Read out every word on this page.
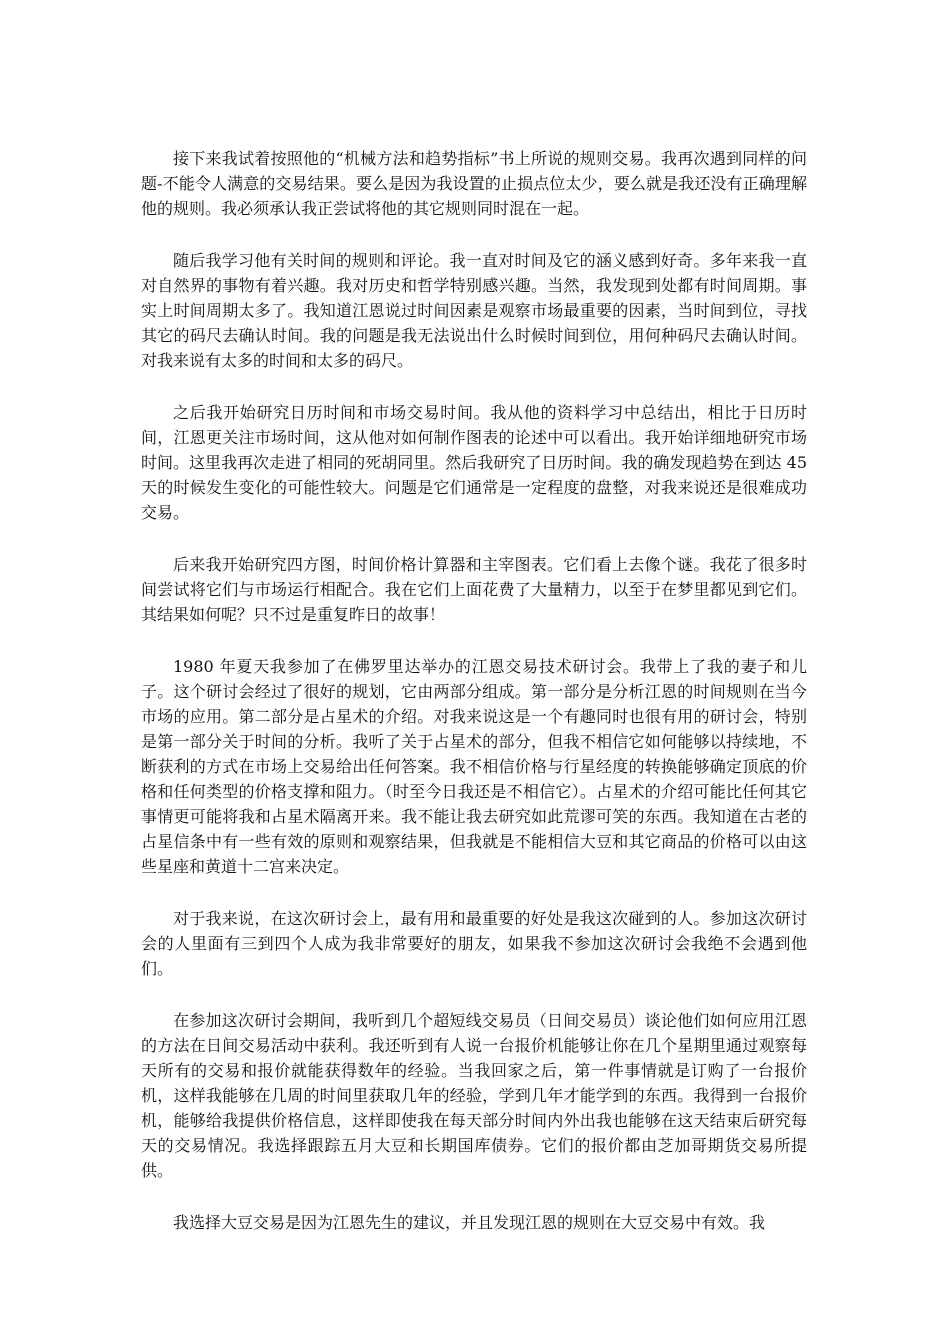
接下来我试着按照他的“机械方法和趋势指标”书上所说的规则交易。我再次遇到同样的问题-不能令人满意的交易结果。要么是因为我设置的止损点位太少，要么就是我还没有正确理解他的规则。我必须承认我正尝试将他的其它规则同时混在一起。

随后我学习他有关时间的规则和评论。我一直对时间及它的涵义感到好奇。多年来我一直对自然界的事物有着兴趣。我对历史和哲学特别感兴趣。当然，我发现到处都有时间周期。事实上时间周期太多了。我知道江恩说过时间因素是观察市场最重要的因素，当时间到位，寻找其它的码尺去确认时间。我的问题是我无法说出什么时候时间到位，用何种码尺去确认时间。对我来说有太多的时间和太多的码尺。

之后我开始研究日历时间和市场交易时间。我从他的资料学习中总结出，相比于日历时间，江恩更关注市场时间，这从他对如何制作图表的论述中可以看出。我开始详细地研究市场时间。这里我再次走进了相同的死胡同里。然后我研究了日历时间。我的确发现趋势在到达 45 天的时候发生变化的可能性较大。问题是它们通常是一定程度的盘整，对我来说还是很难成功交易。

后来我开始研究四方图，时间价格计算器和主宰图表。它们看上去像个谜。我花了很多时间尝试将它们与市场运行相配合。我在它们上面花费了大量精力，以至于在梦里都见到它们。其结果如何呢？只不过是重复昨日的故事！

1980 年夏天我参加了在佛罗里达举办的江恩交易技术研讨会。我带上了我的妻子和儿子。这个研讨会经过了很好的规划，它由两部分组成。第一部分是分析江恩的时间规则在当今市场的应用。第二部分是占星术的介绍。对我来说这是一个有趣同时也很有用的研讨会，特别是第一部分关于时间的分析。我听了关于占星术的部分，但我不相信它如何能够以持续地，不断获利的方式在市场上交易给出任何答案。我不相信价格与行星经度的转换能够确定顶底的价格和任何类型的价格支撑和阻力。（时至今日我还是不相信它）。占星术的介绍可能比任何其它事情更可能将我和占星术隔离开来。我不能让我去研究如此荒谬可笑的东西。我知道在古老的占星信条中有一些有效的原则和观察结果，但我就是不能相信大豆和其它商品的价格可以由这些星座和黄道十二宫来决定。

对于我来说，在这次研讨会上，最有用和最重要的好处是我这次碰到的人。参加这次研讨会的人里面有三到四个人成为我非常要好的朋友，如果我不参加这次研讨会我绝不会遇到他们。

在参加这次研讨会期间，我听到几个超短线交易员（日间交易员）谈论他们如何应用江恩的方法在日间交易活动中获利。我还听到有人说一台报价机能够让你在几个星期里通过观察每天所有的交易和报价就能获得数年的经验。当我回家之后，第一件事情就是订购了一台报价机，这样我能够在几周的时间里获取几年的经验，学到几年才能学到的东西。我得到一台报价机，能够给我提供价格信息，这样即使我在每天部分时间内外出我也能够在这天结束后研究每天的交易情况。我选择跟踪五月大豆和长期国库债券。它们的报价都由芝加哥期货交易所提供。

我选择大豆交易是因为江恩先生的建议，并且发现江恩的规则在大豆交易中有效。我
